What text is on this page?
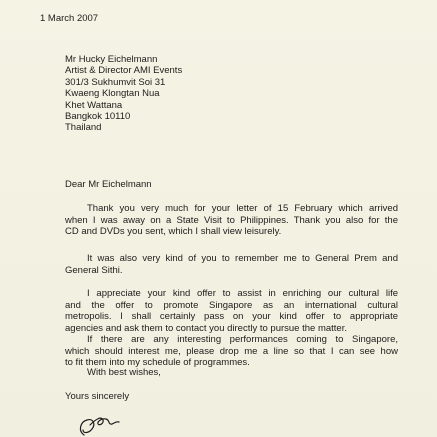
1 March 2007
Mr Hucky Eichelmann
Artist & Director AMI Events
301/3 Sukhumvit Soi 31
Kwaeng Klongtan Nua
Khet Wattana
Bangkok 10110
Thailand
Dear Mr Eichelmann
Thank you very much for your letter of 15 February which arrived
when I was away on a State Visit to Philippines. Thank you also for the
CD and DVDs you sent, which I shall view leisurely.
It was also very kind of you to remember me to General Prem and
General Sithi.
I appreciate your kind offer to assist in enriching our cultural life
and the offer to promote Singapore as an international cultural
metropolis. I shall certainly pass on your kind offer to appropriate
agencies and ask them to contact you directly to pursue the matter.
If there are any interesting performances coming to Singapore,
which should interest me, please drop me a line so that I can see how
to fit them into my schedule of programmes.
With best wishes,
Yours sincerely
